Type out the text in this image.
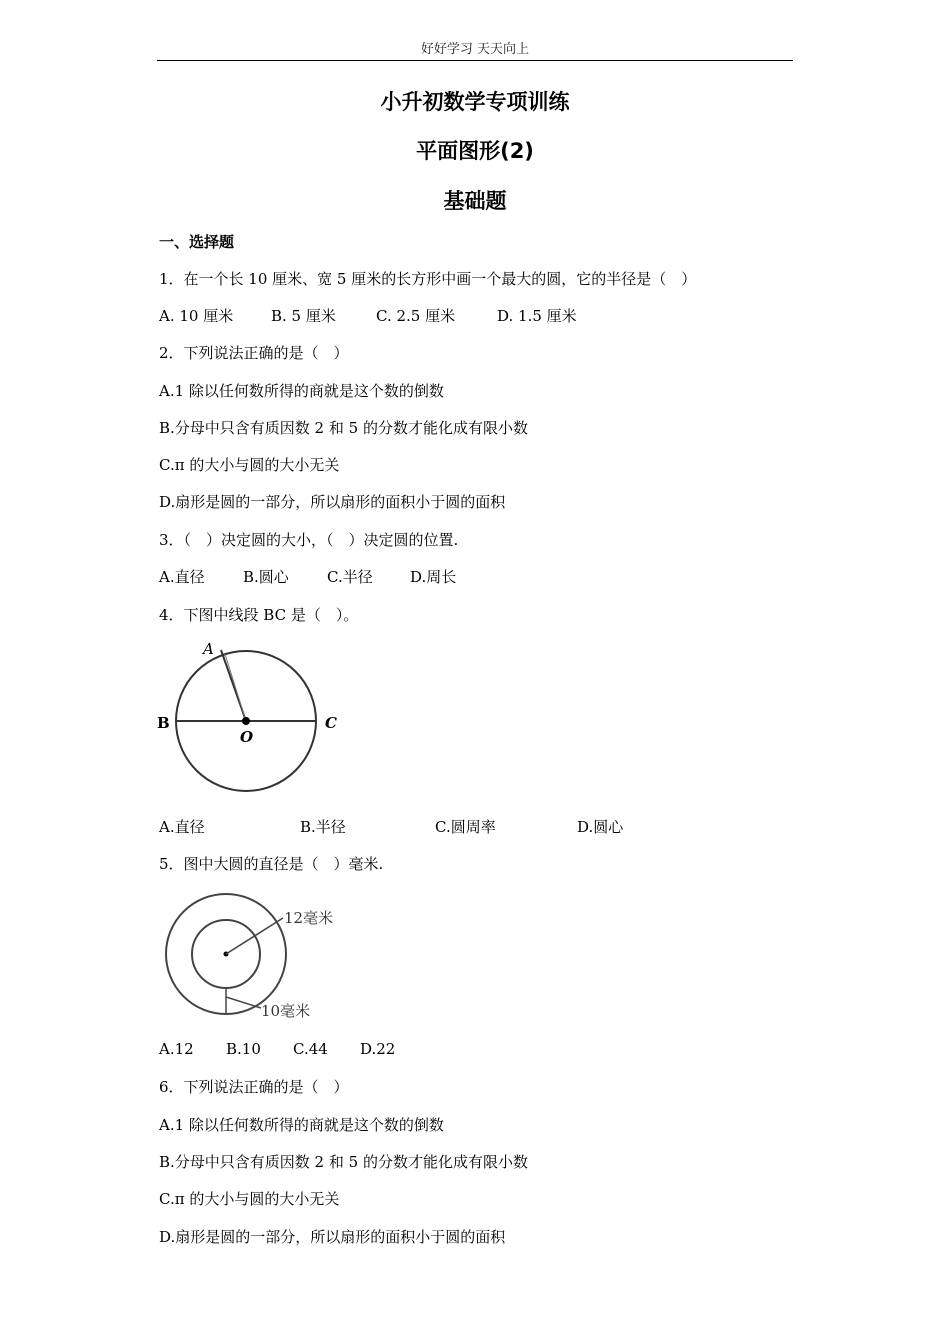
好好学习 天天向上
小升初数学专项训练
平面图形(2)
基础题
一、选择题
1．在一个长 10 厘米、宽 5 厘米的长方形中画一个最大的圆，它的半径是（　）
A. 10 厘米	B. 5 厘米	C. 2.5 厘米	D. 1.5 厘米
2．下列说法正确的是（　）
A.1 除以任何数所得的商就是这个数的倒数
B.分母中只含有质因数 2 和 5 的分数才能化成有限小数
C.π 的大小与圆的大小无关
D.扇形是圆的一部分，所以扇形的面积小于圆的面积
3．（　）决定圆的大小，（　）决定圆的位置.
A.直径	B.圆心	C.半径 D.周长
4．下图中线段 BC 是（　）。
A
B	C
O
A.直径	B.半径	C.圆周率	D.圆心
5．图中大圆的直径是（　）毫米.
12毫米
10毫米
A.12 B.10 C.44 D.22
6．下列说法正确的是（　）
A.1 除以任何数所得的商就是这个数的倒数
B.分母中只含有质因数 2 和 5 的分数才能化成有限小数
C.π 的大小与圆的大小无关
D.扇形是圆的一部分，所以扇形的面积小于圆的面积
